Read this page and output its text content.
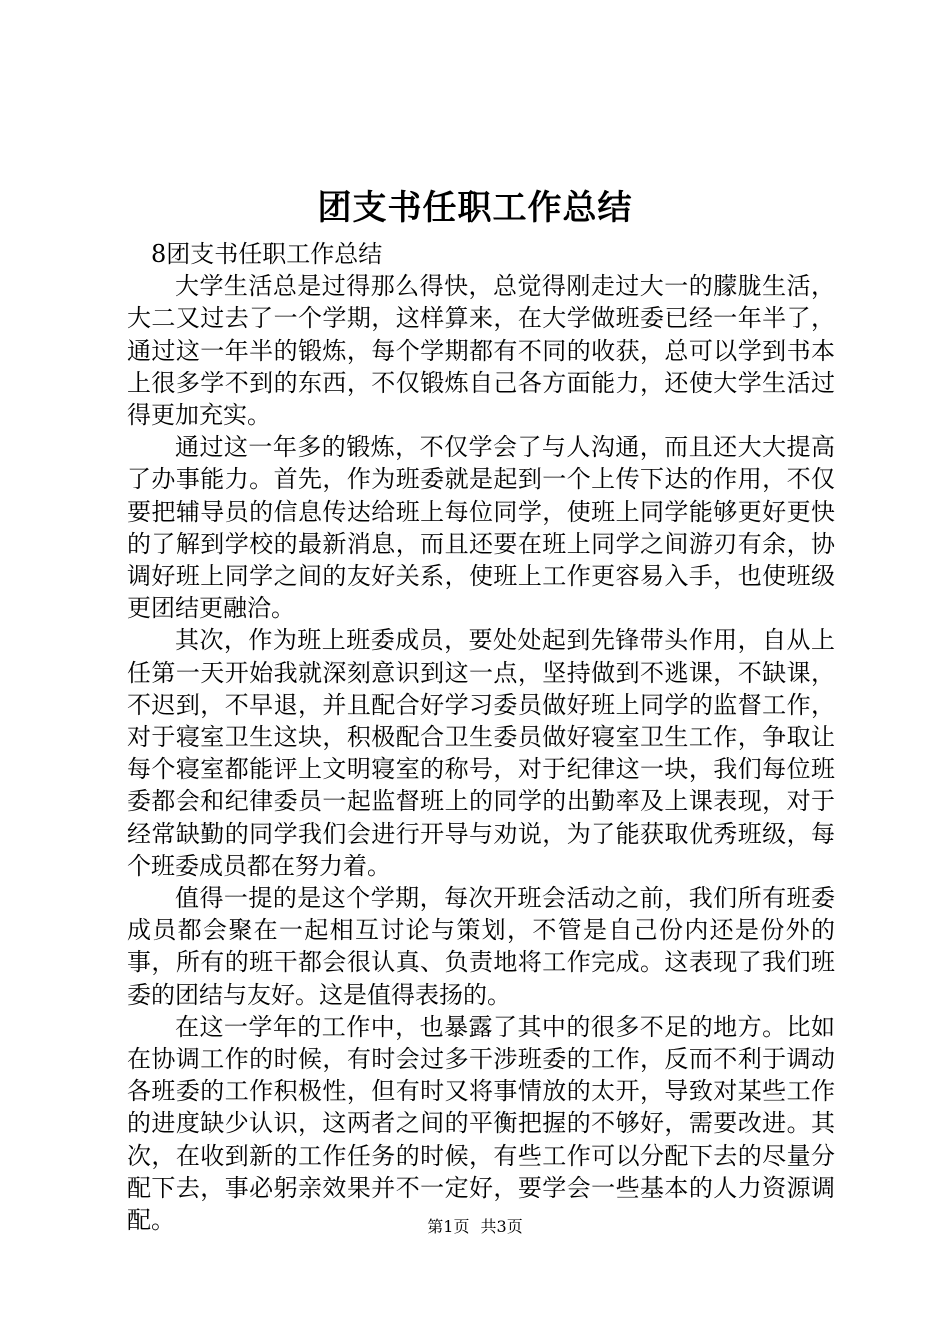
团支书任职工作总结

8团支书任职工作总结

大学生活总是过得那么得快，总觉得刚走过大一的朦胧生活，大二又过去了一个学期，这样算来，在大学做班委已经一年半了，通过这一年半的锻炼，每个学期都有不同的收获，总可以学到书本上很多学不到的东西，不仅锻炼自己各方面能力，还使大学生活过得更加充实。

通过这一年多的锻炼，不仅学会了与人沟通，而且还大大提高了办事能力。首先，作为班委就是起到一个上传下达的作用，不仅要把辅导员的信息传达给班上每位同学，使班上同学能够更好更快的了解到学校的最新消息，而且还要在班上同学之间游刃有余，协调好班上同学之间的友好关系，使班上工作更容易入手，也使班级更团结更融洽。

其次，作为班上班委成员，要处处起到先锋带头作用，自从上任第一天开始我就深刻意识到这一点，坚持做到不逃课，不缺课，不迟到，不早退，并且配合好学习委员做好班上同学的监督工作，对于寝室卫生这块，积极配合卫生委员做好寝室卫生工作，争取让每个寝室都能评上文明寝室的称号，对于纪律这一块，我们每位班委都会和纪律委员一起监督班上的同学的出勤率及上课表现，对于经常缺勤的同学我们会进行开导与劝说，为了能获取优秀班级，每个班委成员都在努力着。

值得一提的是这个学期，每次开班会活动之前，我们所有班委成员都会聚在一起相互讨论与策划，不管是自己份内还是份外的事，所有的班干都会很认真、负责地将工作完成。这表现了我们班委的团结与友好。这是值得表扬的。

在这一学年的工作中，也暴露了其中的很多不足的地方。比如在协调工作的时候，有时会过多干涉班委的工作，反而不利于调动各班委的工作积极性，但有时又将事情放的太开，导致对某些工作的进度缺少认识，这两者之间的平衡把握的不够好，需要改进。其次，在收到新的工作任务的时候，有些工作可以分配下去的尽量分配下去，事必躬亲效果并不一定好，要学会一些基本的人力资源调配。	第1页 共3页
